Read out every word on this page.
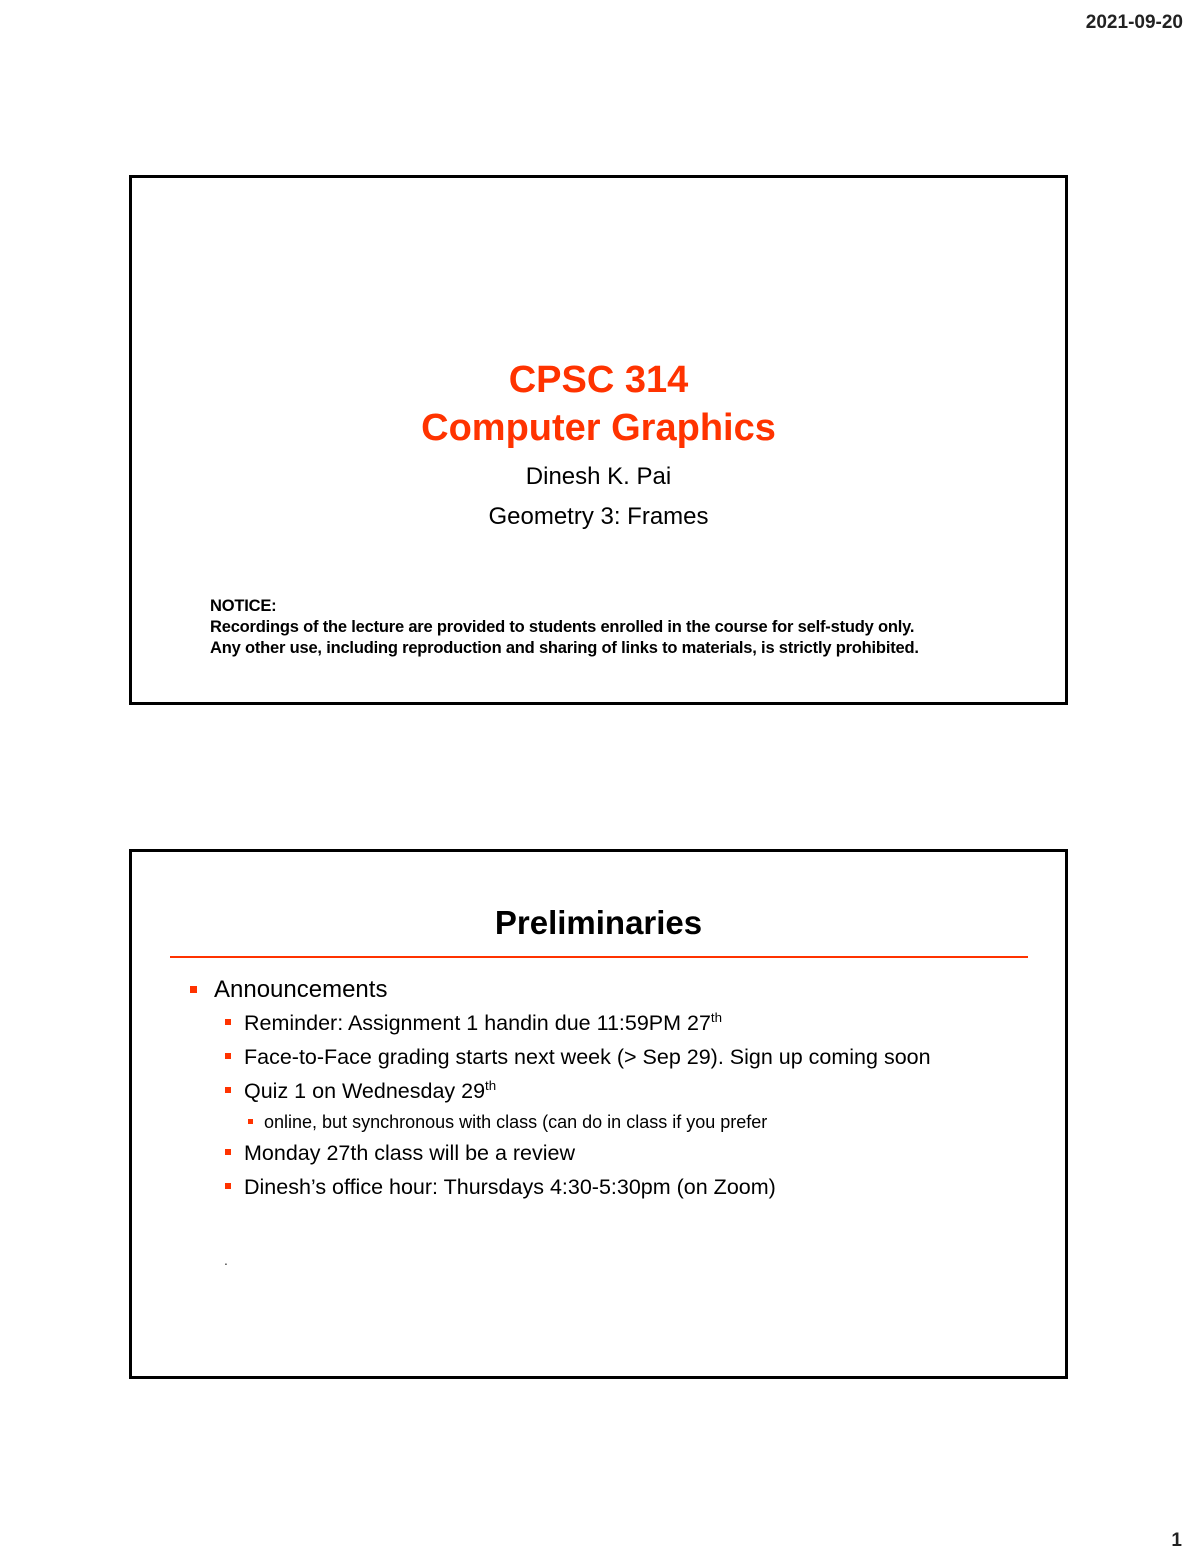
2021-09-20
CPSC 314
Computer Graphics
Dinesh K. Pai
Geometry 3: Frames
NOTICE:
Recordings of the lecture are provided to students enrolled in the course for self-study only.
Any other use, including reproduction and sharing of links to materials, is strictly prohibited.
Preliminaries
Announcements
Reminder: Assignment 1 handin due 11:59PM 27th
Face-to-Face grading starts next week (> Sep 29). Sign up coming soon
Quiz 1 on Wednesday 29th
online, but synchronous with class (can do in class if you prefer
Monday 27th class will be a review
Dinesh’s office hour: Thursdays 4:30-5:30pm (on Zoom)
.
1
